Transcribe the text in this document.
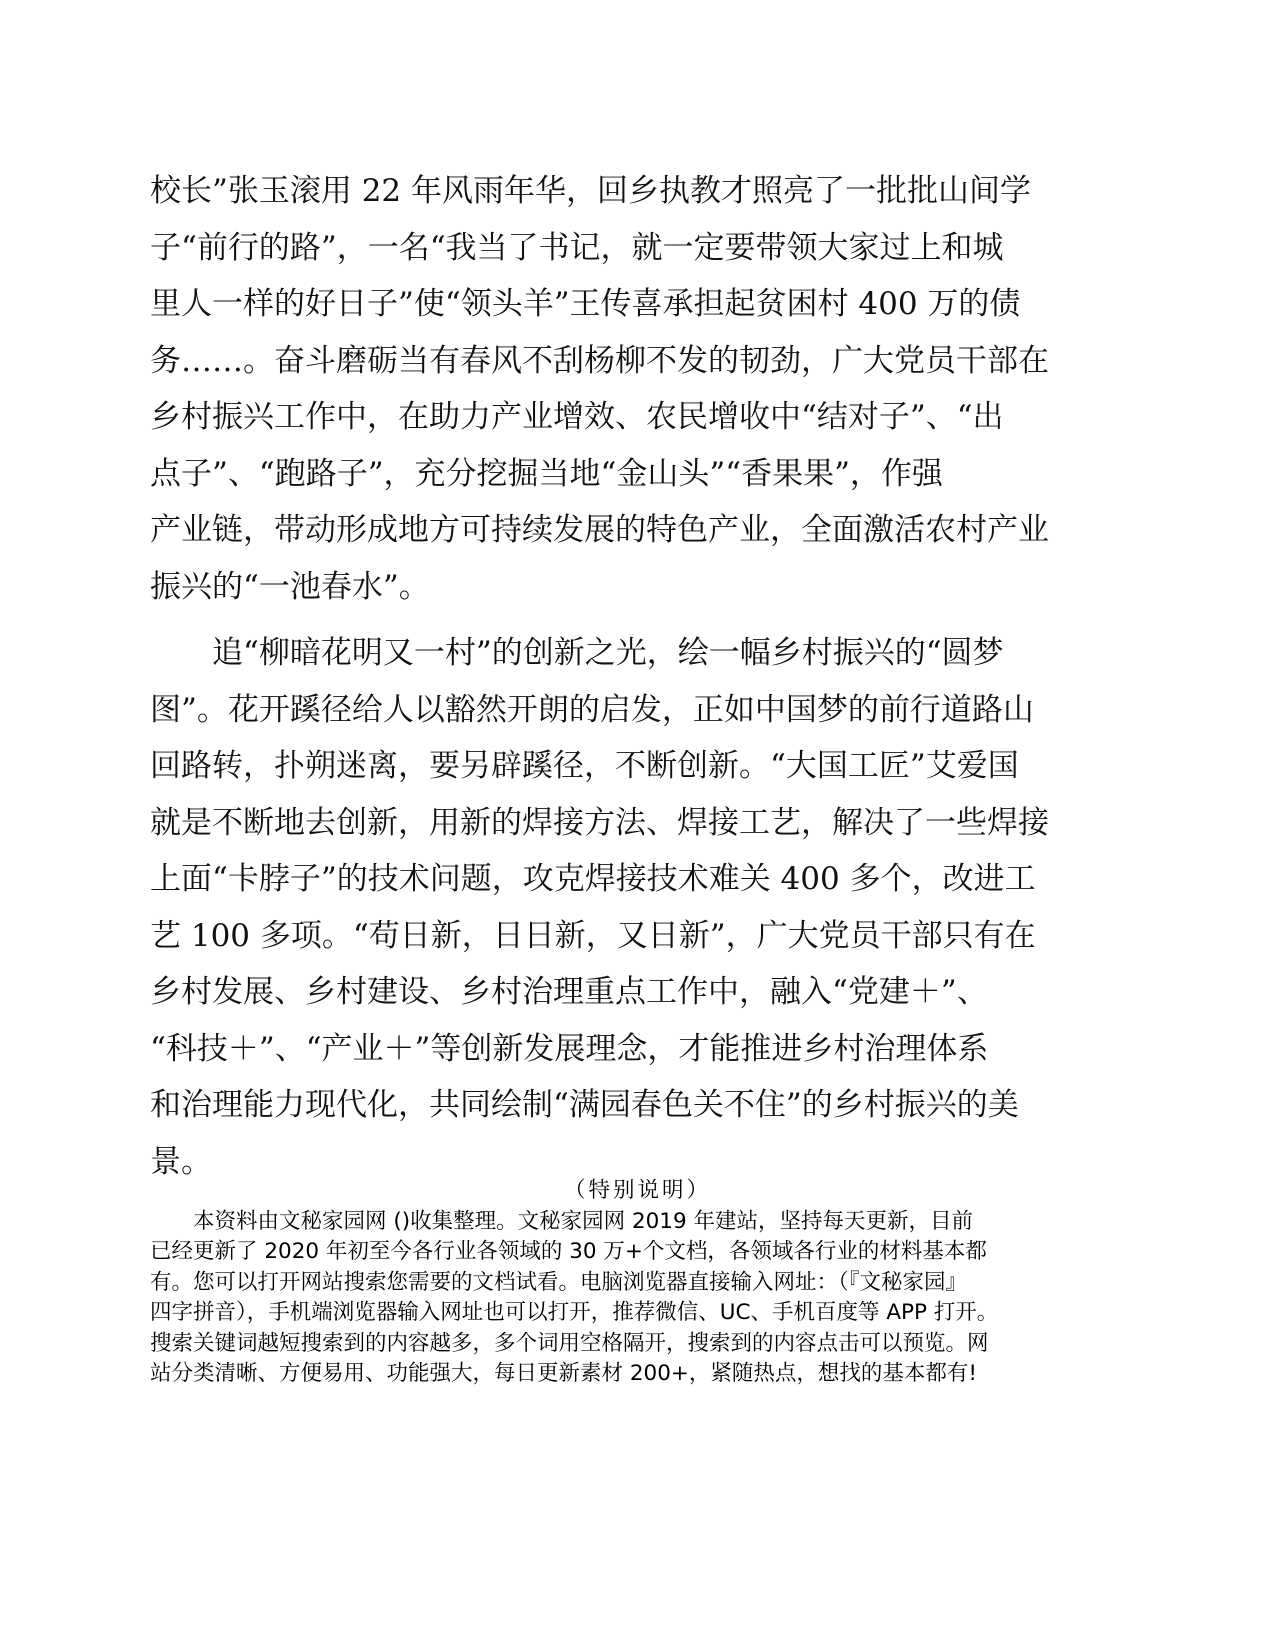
校长”张玉滚用 22 年风雨年华，回乡执教才照亮了一批批山间学
子“前行的路”，一名“我当了书记，就一定要带领大家过上和城
里人一样的好日子”使“领头羊”王传喜承担起贫困村 400 万的债
务……。奋斗磨砺当有春风不刮杨柳不发的韧劲，广大党员干部在
乡村振兴工作中，在助力产业增效、农民增收中“结对子”、“出
点子”、“跑路子”，充分挖掘当地“金山头”“香果果”，作强
产业链，带动形成地方可持续发展的特色产业，全面激活农村产业
振兴的“一池春水”。
　　追“柳暗花明又一村”的创新之光，绘一幅乡村振兴的“圆梦
图”。花开蹊径给人以豁然开朗的启发，正如中国梦的前行道路山
回路转，扑朔迷离，要另辟蹊径，不断创新。“大国工匠”艾爱国
就是不断地去创新，用新的焊接方法、焊接工艺，解决了一些焊接
上面“卡脖子”的技术问题，攻克焊接技术难关 400 多个，改进工
艺 100 多项。“苟日新，日日新，又日新”，广大党员干部只有在
乡村发展、乡村建设、乡村治理重点工作中，融入“党建＋”、
“科技＋”、“产业＋”等创新发展理念，才能推进乡村治理体系
和治理能力现代化，共同绘制“满园春色关不住”的乡村振兴的美
景。
（特别说明）
　　本资料由文秘家园网 ()收集整理。文秘家园网 2019 年建站，坚持每天更新，目前
已经更新了 2020 年初至今各行业各领域的 30 万+个文档，各领域各行业的材料基本都
有。您可以打开网站搜索您需要的文档试看。电脑浏览器直接输入网址：（『文秘家园』
四字拼音），手机端浏览器输入网址也可以打开，推荐微信、UC、手机百度等 APP 打开。
搜索关键词越短搜索到的内容越多，多个词用空格隔开，搜索到的内容点击可以预览。网
站分类清晰、方便易用、功能强大，每日更新素材 200+，紧随热点，想找的基本都有!
